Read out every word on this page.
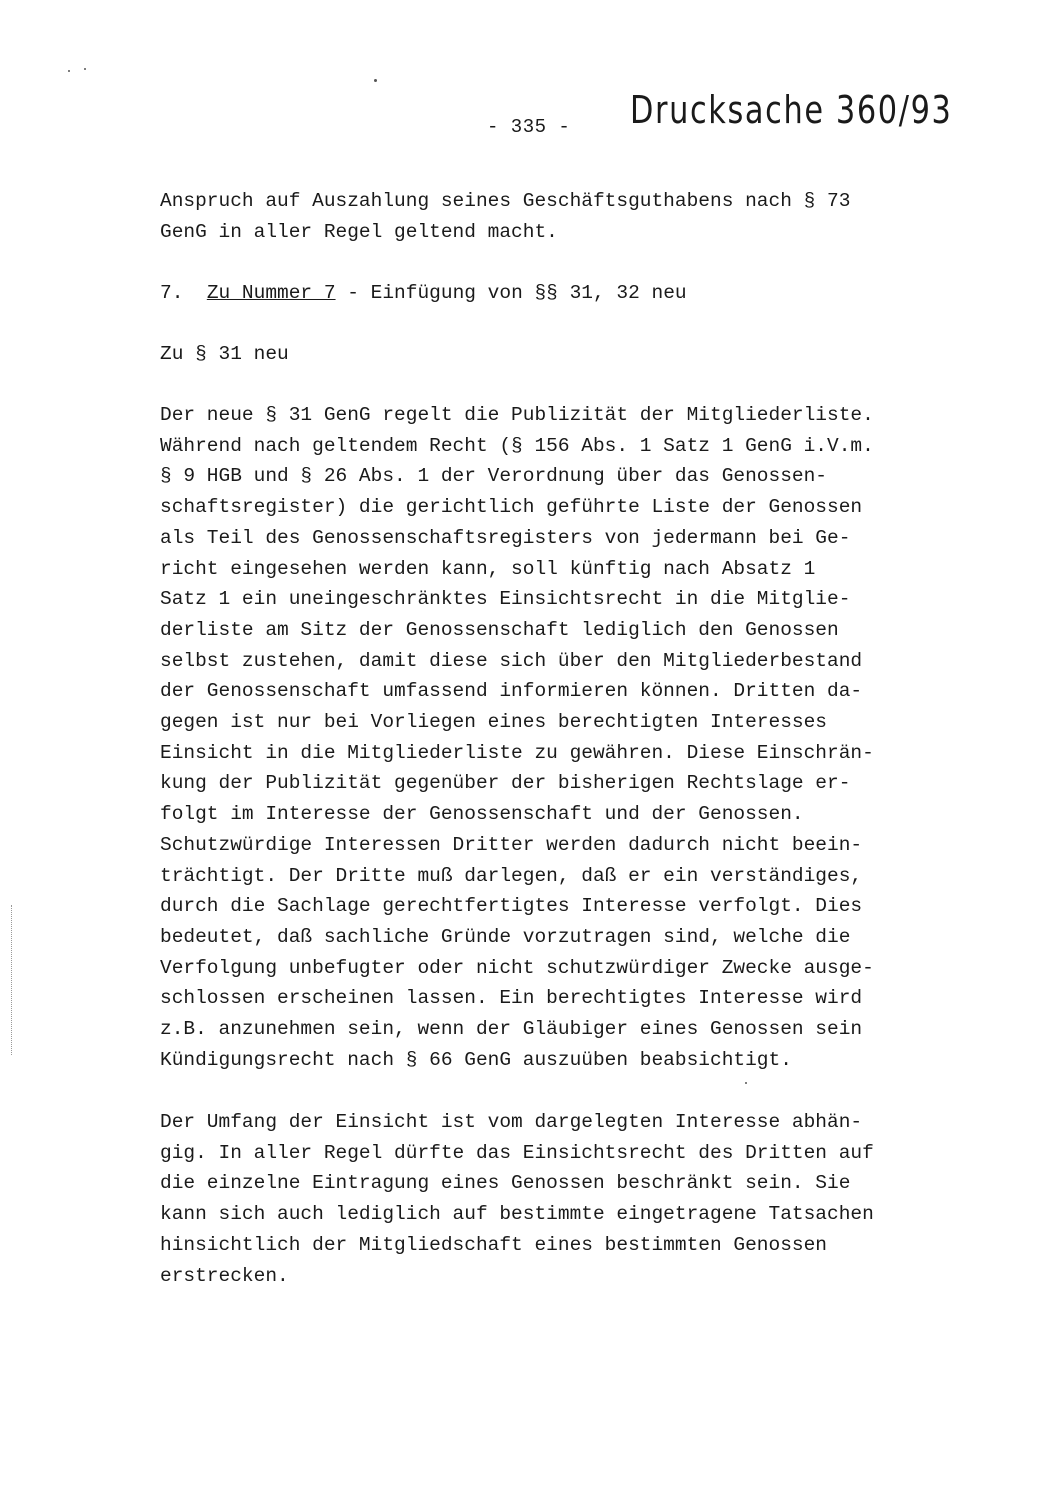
- 335 - Drucksache 360/93
Anspruch auf Auszahlung seines Geschäftsguthabens nach § 73
GenG in aller Regel geltend macht.
7. Zu Nummer 7 - Einfügung von §§ 31, 32 neu
Zu § 31 neu
Der neue § 31 GenG regelt die Publizität der Mitgliederliste.
Während nach geltendem Recht (§ 156 Abs. 1 Satz 1 GenG i.V.m.
§ 9 HGB und § 26 Abs. 1 der Verordnung über das Genossen-
schaftsregister) die gerichtlich geführte Liste der Genossen
als Teil des Genossenschaftsregisters von jedermann bei Ge-
richt eingesehen werden kann, soll künftig nach Absatz 1
Satz 1 ein uneingeschränktes Einsichtsrecht in die Mitglie-
derliste am Sitz der Genossenschaft lediglich den Genossen
selbst zustehen, damit diese sich über den Mitgliederbestand
der Genossenschaft umfassend informieren können. Dritten da-
gegen ist nur bei Vorliegen eines berechtigten Interesses
Einsicht in die Mitgliederliste zu gewähren. Diese Einschrän-
kung der Publizität gegenüber der bisherigen Rechtslage er-
folgt im Interesse der Genossenschaft und der Genossen.
Schutzwürdige Interessen Dritter werden dadurch nicht beein-
trächtigt. Der Dritte muß darlegen, daß er ein verständiges,
durch die Sachlage gerechtfertigtes Interesse verfolgt. Dies
bedeutet, daß sachliche Gründe vorzutragen sind, welche die
Verfolgung unbefugter oder nicht schutzwürdiger Zwecke ausge-
schlossen erscheinen lassen. Ein berechtigtes Interesse wird
z.B. anzunehmen sein, wenn der Gläubiger eines Genossen sein
Kündigungsrecht nach § 66 GenG auszuüben beabsichtigt.
Der Umfang der Einsicht ist vom dargelegten Interesse abhän-
gig. In aller Regel dürfte das Einsichtsrecht des Dritten auf
die einzelne Eintragung eines Genossen beschränkt sein. Sie
kann sich auch lediglich auf bestimmte eingetragene Tatsachen
hinsichtlich der Mitgliedschaft eines bestimmten Genossen
erstrecken.
